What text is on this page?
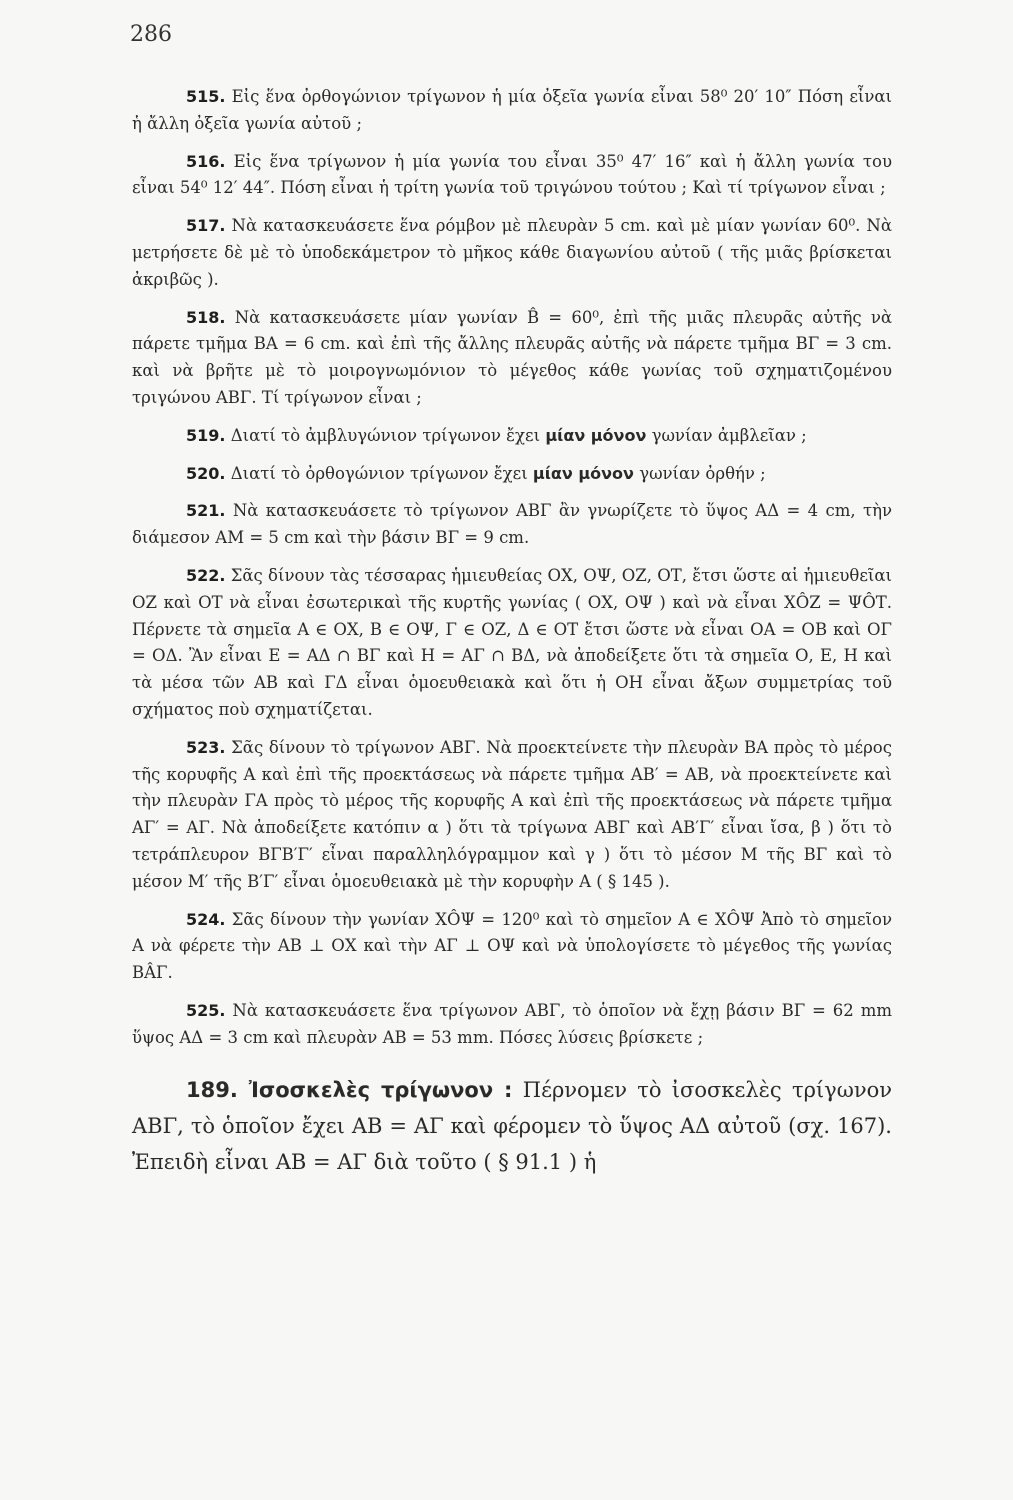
286

515. Εἰς ἕνα ὀρθογώνιον τρίγωνον ἡ μία ὀξεῖα γωνία εἶναι 58⁰ 20′ 10″ Πόση εἶναι ἡ ἄλλη ὀξεῖα γωνία αὐτοῦ ;

516. Εἰς ἕνα τρίγωνον ἡ μία γωνία του εἶναι 35⁰ 47′ 16″ καὶ ἡ ἄλλη γωνία του εἶναι 54⁰ 12′ 44″. Πόση εἶναι ἡ τρίτη γωνία τοῦ τριγώνου τούτου ; Καὶ τί τρίγωνον εἶναι ;

517. Νὰ κατασκευάσετε ἕνα ρόμβον μὲ πλευρὰν 5 cm. καὶ μὲ μίαν γωνίαν 60⁰. Νὰ μετρήσετε δὲ μὲ τὸ ὑποδεκάμετρον τὸ μῆκος κάθε διαγωνίου αὐτοῦ ( τῆς μιᾶς βρίσκεται ἀκριβῶς ).

518. Νὰ κατασκευάσετε μίαν γωνίαν B̂ = 60⁰, ἐπὶ τῆς μιᾶς πλευρᾶς αὐτῆς νὰ πάρετε τμῆμα ΒΑ = 6 cm. καὶ ἐπὶ τῆς ἄλλης πλευρᾶς αὐτῆς νὰ πάρετε τμῆμα ΒΓ = 3 cm. καὶ νὰ βρῆτε μὲ τὸ μοιρογνωμόνιον τὸ μέγεθος κάθε γωνίας τοῦ σχηματιζομένου τριγώνου ΑΒΓ. Τί τρίγωνον εἶναι ;

519. Διατί τὸ ἀμβλυγώνιον τρίγωνον ἔχει μίαν μόνον γωνίαν ἀμβλεῖαν ;

520. Διατί τὸ ὀρθογώνιον τρίγωνον ἔχει μίαν μόνον γωνίαν ὀρθήν ;

521. Νὰ κατασκευάσετε τὸ τρίγωνον ΑΒΓ ἂν γνωρίζετε τὸ ὕψος ΑΔ = 4 cm, τὴν διάμεσον ΑΜ = 5 cm καὶ τὴν βάσιν ΒΓ = 9 cm.

522. Σᾶς δίνουν τὰς τέσσαρας ἡμιευθείας ΟΧ, ΟΨ, ΟΖ, ΟΤ, ἔτσι ὥστε αἱ ἡμιευθεῖαι ΟΖ καὶ ΟΤ νὰ εἶναι ἐσωτερικαὶ τῆς κυρτῆς γωνίας ( ΟΧ, ΟΨ ) καὶ νὰ εἶναι ΧÔΖ = ΨÔΤ. Πέρνετε τὰ σημεῖα Α ∈ ΟΧ, Β ∈ ΟΨ, Γ ∈ ΟΖ, Δ ∈ ΟΤ ἔτσι ὥστε νὰ εἶναι ΟΑ = ΟΒ καὶ ΟΓ = ΟΔ. Ἂν εἶναι Ε = ΑΔ ∩ ΒΓ καὶ Η = ΑΓ ∩ ΒΔ, νὰ ἀποδείξετε ὅτι τὰ σημεῖα Ο, Ε, Η καὶ τὰ μέσα τῶν ΑΒ καὶ ΓΔ εἶναι ὁμοευθειακὰ καὶ ὅτι ἡ ΟΗ εἶναι ἄξων συμμετρίας τοῦ σχήματος ποὺ σχηματίζεται.

523. Σᾶς δίνουν τὸ τρίγωνον ΑΒΓ. Νὰ προεκτείνετε τὴν πλευρὰν ΒΑ πρὸς τὸ μέρος τῆς κορυφῆς Α καὶ ἐπὶ τῆς προεκτάσεως νὰ πάρετε τμῆμα ΑΒ′ = ΑΒ, νὰ προεκτείνετε καὶ τὴν πλευρὰν ΓΑ πρὸς τὸ μέρος τῆς κορυφῆς Α καὶ ἐπὶ τῆς προεκτάσεως νὰ πάρετε τμῆμα ΑΓ′ = ΑΓ. Νὰ ἀποδείξετε κατόπιν α ) ὅτι τὰ τρίγωνα ΑΒΓ καὶ ΑΒ′Γ′ εἶναι ἴσα, β ) ὅτι τὸ τετράπλευρον ΒΓΒ′Γ′ εἶναι παραλληλόγραμμον καὶ γ ) ὅτι τὸ μέσον Μ τῆς ΒΓ καὶ τὸ μέσον Μ′ τῆς Β′Γ′ εἶναι ὁμοευθειακὰ μὲ τὴν κορυφὴν Α ( § 145 ).

524. Σᾶς δίνουν τὴν γωνίαν ΧÔΨ = 120⁰ καὶ τὸ σημεῖον Α ∈ ΧÔΨ Ἀπὸ τὸ σημεῖον Α νὰ φέρετε τὴν ΑΒ ⊥ ΟΧ καὶ τὴν ΑΓ ⊥ ΟΨ καὶ νὰ ὑπολογίσετε τὸ μέγεθος τῆς γωνίας ΒÂΓ.

525. Νὰ κατασκευάσετε ἕνα τρίγωνον ΑΒΓ, τὸ ὁποῖον νὰ ἔχῃ βάσιν ΒΓ = 62 mm ὕψος ΑΔ = 3 cm καὶ πλευρὰν ΑΒ = 53 mm. Πόσες λύσεις βρίσκετε ;

189. Ἰσοσκελὲς τρίγωνον : Πέρνομεν τὸ ἰσοσκελὲς τρίγωνον ΑΒΓ, τὸ ὁποῖον ἔχει ΑΒ = ΑΓ καὶ φέρομεν τὸ ὕψος ΑΔ αὐτοῦ (σχ. 167). Ἐπειδὴ εἶναι ΑΒ = ΑΓ διὰ τοῦτο ( § 91.1 ) ἡ
